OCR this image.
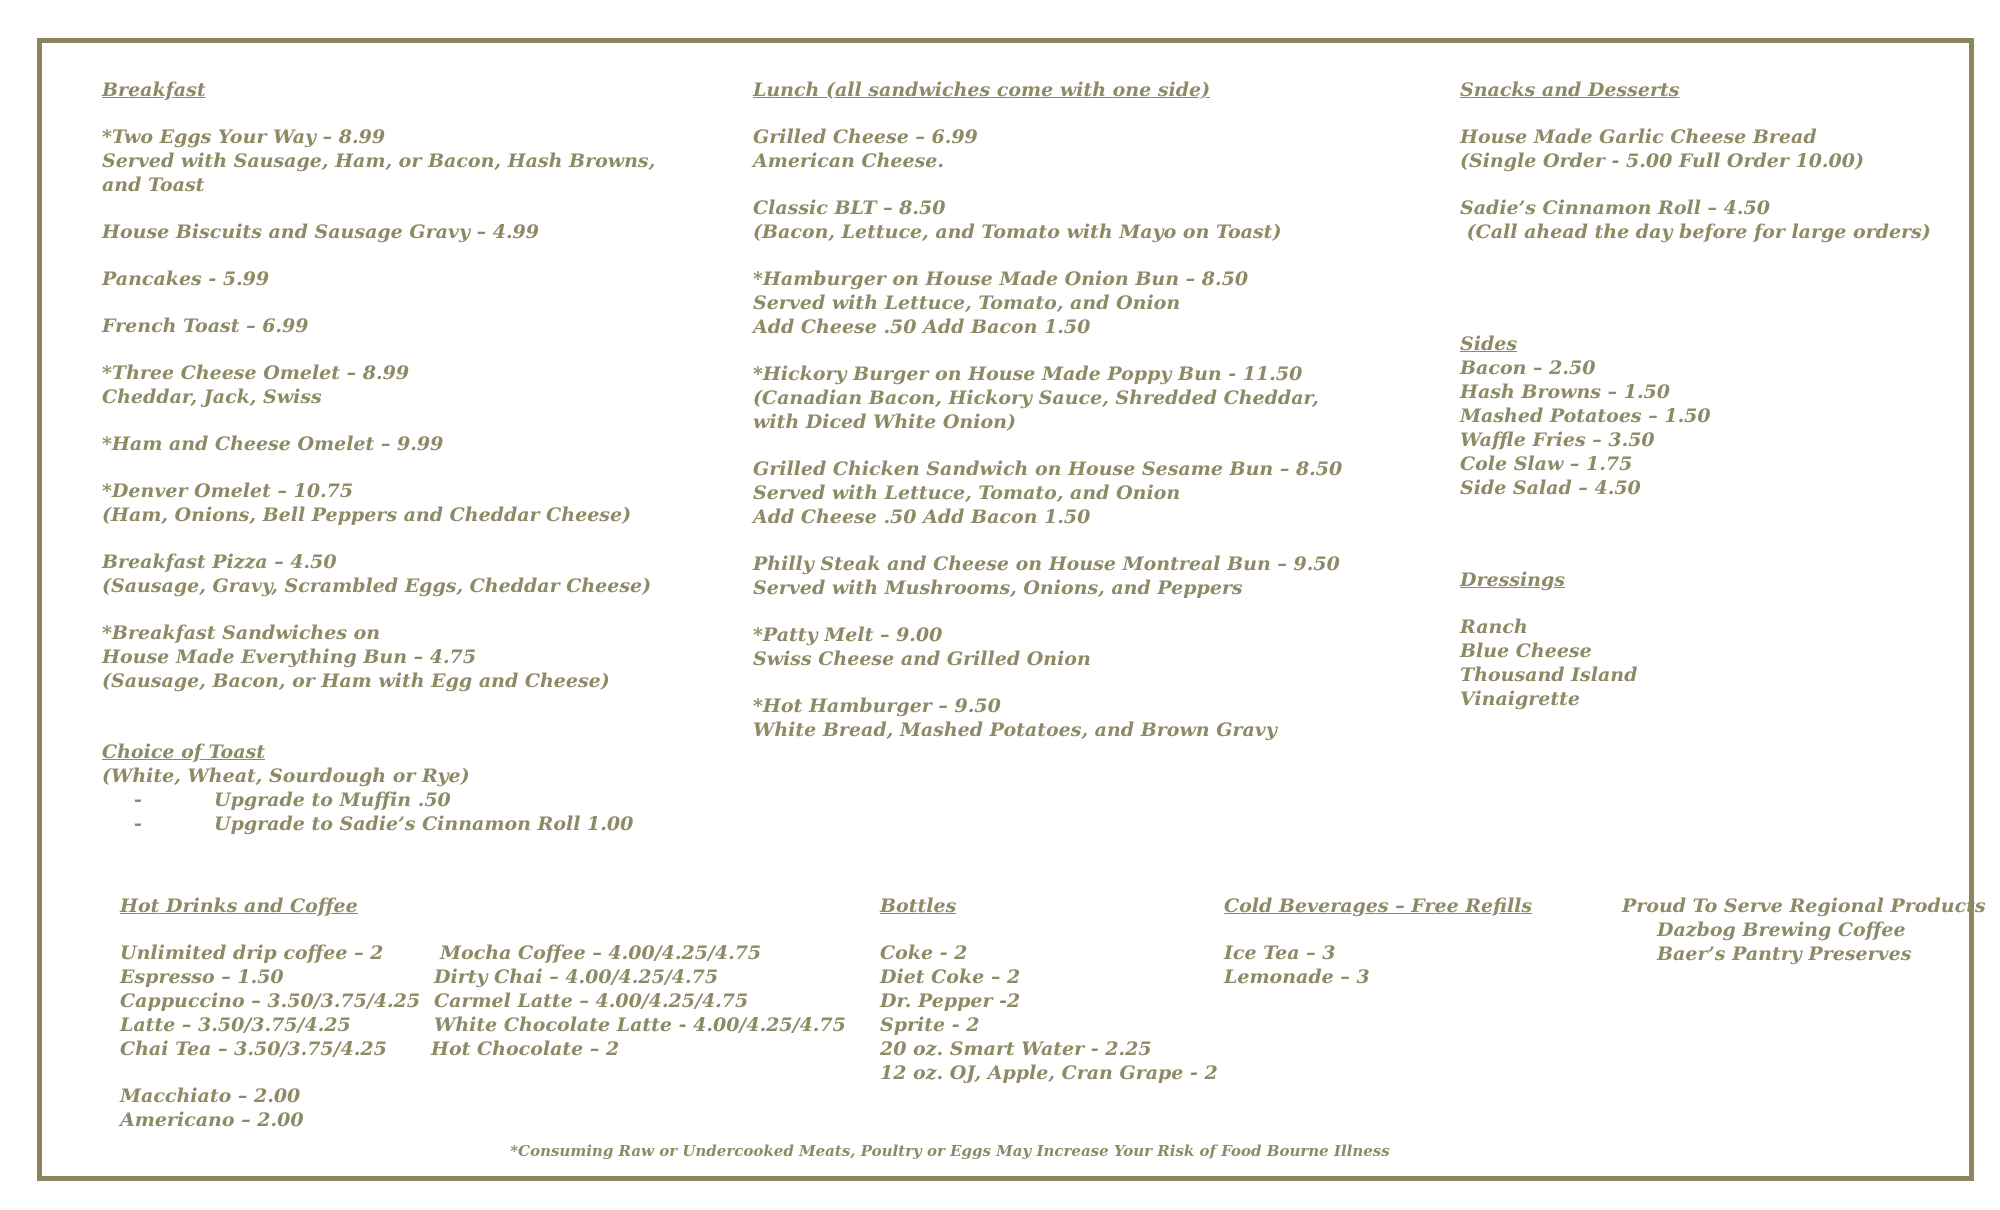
Breakfast

*Two Eggs Your Way – 8.99

Served with Sausage, Ham, or Bacon, Hash Browns,

and Toast

House Biscuits and Sausage Gravy – 4.99

Pancakes - 5.99

French Toast – 6.99

*Three Cheese Omelet – 8.99

Cheddar, Jack, Swiss

*Ham and Cheese Omelet – 9.99

*Denver Omelet – 10.75

(Ham, Onions, Bell Peppers and Cheddar Cheese)

Breakfast Pizza – 4.50

(Sausage, Gravy, Scrambled Eggs, Cheddar Cheese)

*Breakfast Sandwiches on

House Made Everything Bun – 4.75

(Sausage, Bacon, or Ham with Egg and Cheese)

Choice of Toast

(White, Wheat, Sourdough or Rye)

-	Upgrade to Muffin .50

-	Upgrade to Sadie’s Cinnamon Roll 1.00

Lunch (all sandwiches come with one side)

Grilled Cheese – 6.99

American Cheese.

Classic BLT – 8.50

(Bacon, Lettuce, and Tomato with Mayo on Toast)

*Hamburger on House Made Onion Bun – 8.50

Served with Lettuce, Tomato, and Onion

Add Cheese .50 Add Bacon 1.50

*Hickory Burger on House Made Poppy Bun - 11.50

(Canadian Bacon, Hickory Sauce, Shredded Cheddar,

with Diced White Onion)

Grilled Chicken Sandwich on House Sesame Bun – 8.50

Served with Lettuce, Tomato, and Onion

Add Cheese .50 Add Bacon 1.50

Philly Steak and Cheese on House Montreal Bun – 9.50

Served with Mushrooms, Onions, and Peppers

*Patty Melt – 9.00

Swiss Cheese and Grilled Onion

*Hot Hamburger – 9.50

White Bread, Mashed Potatoes, and Brown Gravy

Snacks and Desserts

House Made Garlic Cheese Bread

(Single Order - 5.00 Full Order 10.00)

Sadie’s Cinnamon Roll – 4.50

(Call ahead the day before for large orders)

Sides

Bacon – 2.50

Hash Browns – 1.50

Mashed Potatoes – 1.50

Waffle Fries – 3.50

Cole Slaw – 1.75

Side Salad – 4.50

Dressings

Ranch

Blue Cheese

Thousand Island

Vinaigrette

Hot Drinks and Coffee

Unlimited drip coffee – 2

Espresso – 1.50

Cappuccino – 3.50/3.75/4.25

Latte – 3.50/3.75/4.25

Chai Tea – 3.50/3.75/4.25

Macchiato – 2.00

Americano – 2.00

Mocha Coffee – 4.00/4.25/4.75

Dirty Chai – 4.00/4.25/4.75

Carmel Latte – 4.00/4.25/4.75

White Chocolate Latte - 4.00/4.25/4.75

Hot Chocolate – 2

Bottles

Coke - 2

Diet Coke – 2

Dr. Pepper -2

Sprite - 2

20 oz. Smart Water - 2.25

12 oz. OJ, Apple, Cran Grape - 2

Cold Beverages – Free Refills

Ice Tea – 3

Lemonade – 3

Proud To Serve Regional Products

Dazbog Brewing Coffee

Baer’s Pantry Preserves

*Consuming Raw or Undercooked Meats, Poultry or Eggs May Increase Your Risk of Food Bourne Illness
